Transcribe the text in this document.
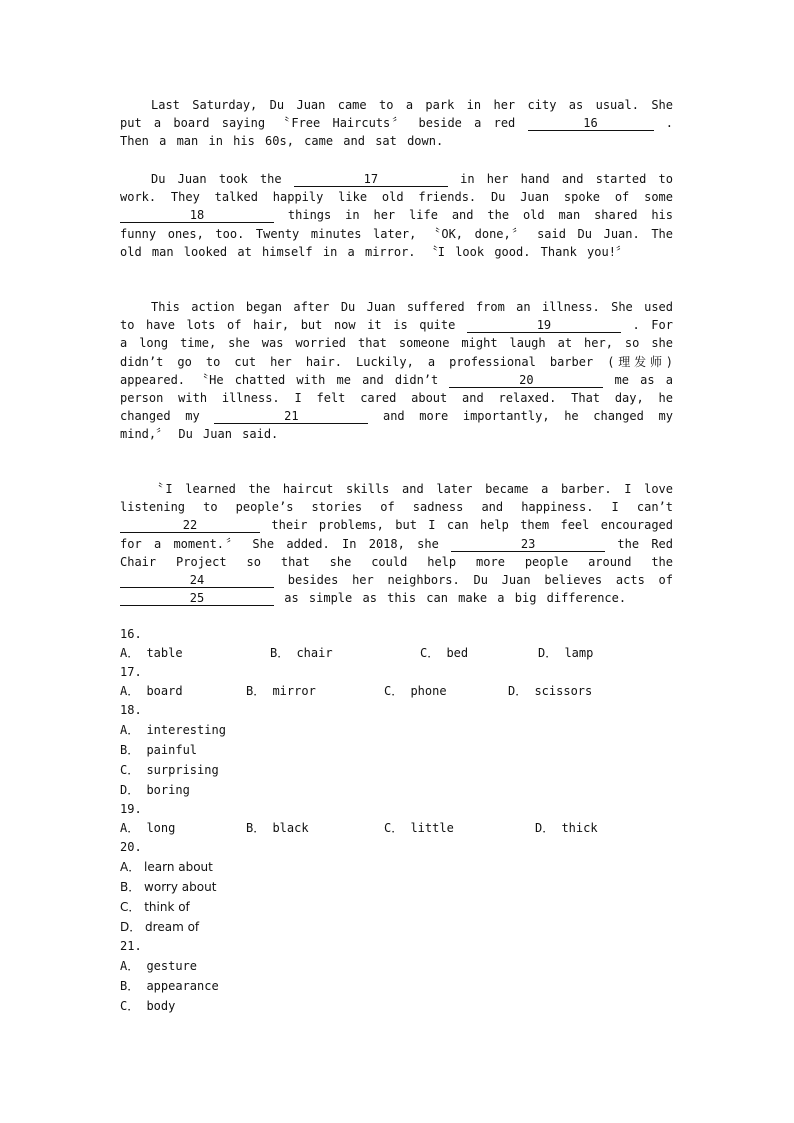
Last Saturday, Du Juan came to a park in her city as usual. She put a board saying 〝Free Haircuts〞 beside a red	16	. Then a man in his 60s, came and sat down.

Du Juan took the	17	in her hand and started to work. They talked happily like old friends. Du Juan spoke of some 18	things in her life and the old man shared his funny ones, too. Twenty minutes later, 〝OK, done,〞 said Du Juan. The old man looked at himself in a mirror. 〝I look good. Thank you!〞

This action began after Du Juan suffered from an illness. She used to have lots of hair, but now it is quite	19	. For a long time, she was worried that someone might laugh at her, so she didn’t go to cut her hair. Luckily, a professional barber (理发师) appeared. 〝He chatted with me and didn’t	20	me as a person with illness. I felt cared about and relaxed. That day, he changed my	21	and more importantly, he changed my mind,〞 Du Juan said.

〝I learned the haircut skills and later became a barber. I love listening to people’s stories of sadness and happiness. I can’t 22	their problems, but I can help them feel encouraged for a moment.〞 She added. In 2018, she	23	the Red Chair Project so that she could help more people around the 24	besides her neighbors. Du Juan believes acts of 25	as simple as this can make a big difference.

16.
A． table	B． chair	C． bed	D． lamp
17.
A． board	B． mirror	C． phone	D． scissors
18.
A． interesting
B． painful
C． surprising
D． boring
19.
A． long	B． black	C． little	D． thick
20.
A． learn about
B． worry about
C． think of
D． dream of
21.
A． gesture
B． appearance
C． body
